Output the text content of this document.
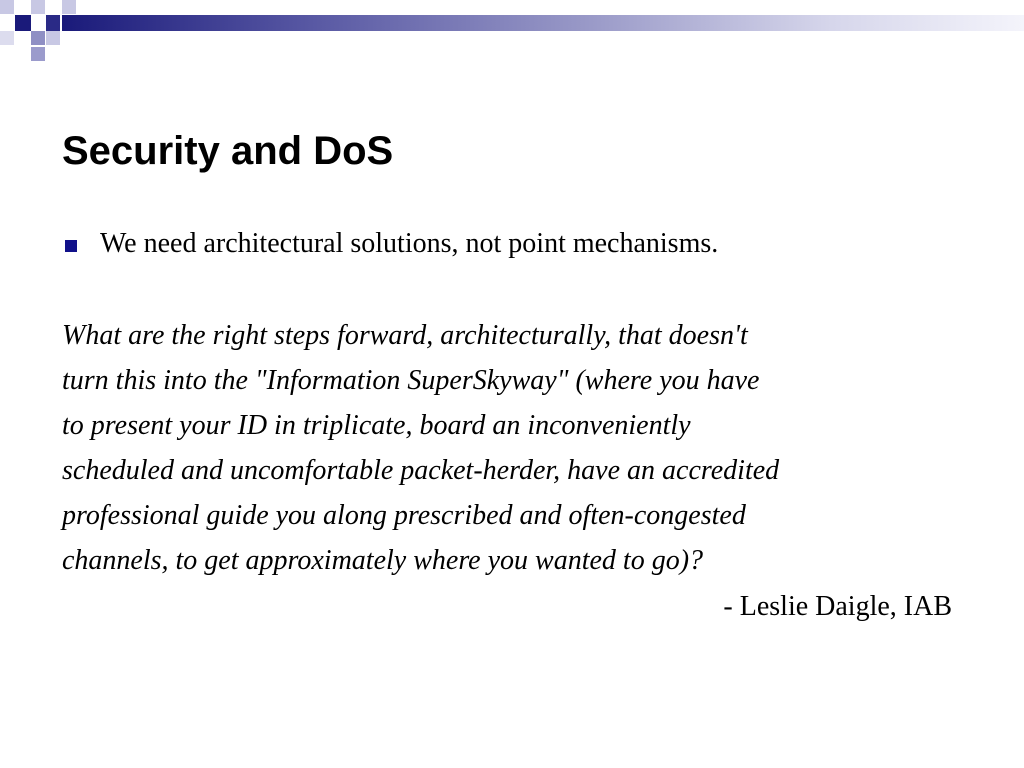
Security and DoS
We need architectural solutions, not point mechanisms.

What are the right steps forward, architecturally, that doesn't
turn this into the "Information SuperSkyway" (where you have
to present your ID in triplicate, board an inconveniently
scheduled and uncomfortable packet-herder, have an accredited
professional guide you along prescribed and often-congested
channels, to get approximately where you wanted to go)?

- Leslie Daigle, IAB
